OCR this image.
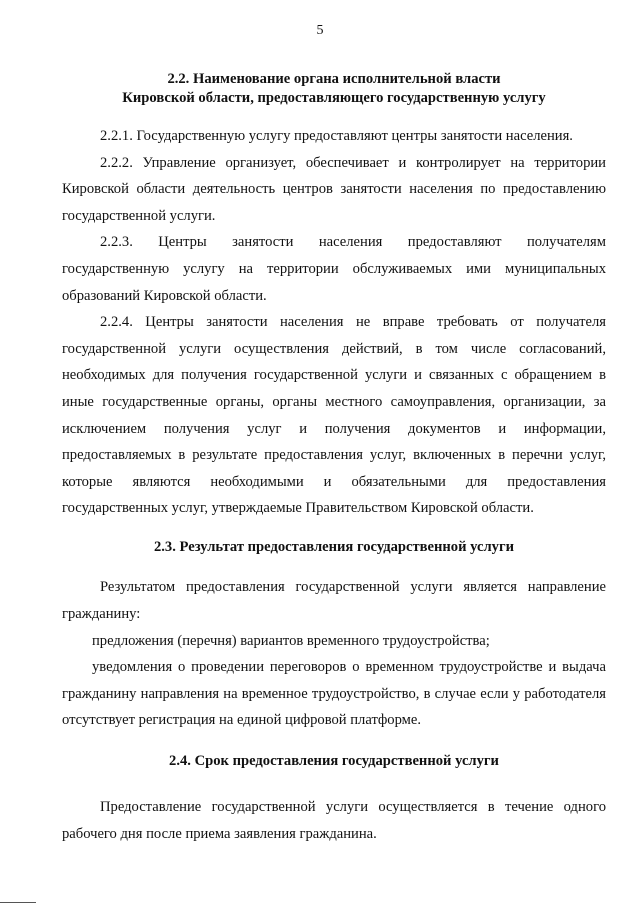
5
2.2. Наименование органа исполнительной власти
Кировской области, предоставляющего государственную услугу

2.2.1. Государственную услугу предоставляют центры занятости населения.

2.2.2. Управление организует, обеспечивает и контролирует на территории Кировской области деятельность центров занятости населения по предоставлению государственной услуги.

2.2.3. Центры занятости населения предоставляют получателям государственную услугу на территории обслуживаемых ими муниципальных образований Кировской области.

2.2.4. Центры занятости населения не вправе требовать от получателя государственной услуги осуществления действий, в том числе согласований, необходимых для получения государственной услуги и связанных с обращением в иные государственные органы, органы местного самоуправления, организации, за исключением получения услуг и получения документов и информации, предоставляемых в результате предоставления услуг, включенных в перечни услуг, которые являются необходимыми и обязательными для предоставления государственных услуг, утверждаемые Правительством Кировской области.

2.3. Результат предоставления государственной услуги

Результатом предоставления государственной услуги является направление гражданину:

предложения (перечня) вариантов временного трудоустройства;

уведомления о проведении переговоров о временном трудоустройстве и выдача гражданину направления на временное трудоустройство, в случае если у работодателя отсутствует регистрация на единой цифровой платформе.

2.4. Срок предоставления государственной услуги

Предоставление государственной услуги осуществляется в течение одного рабочего дня после приема заявления гражданина.
